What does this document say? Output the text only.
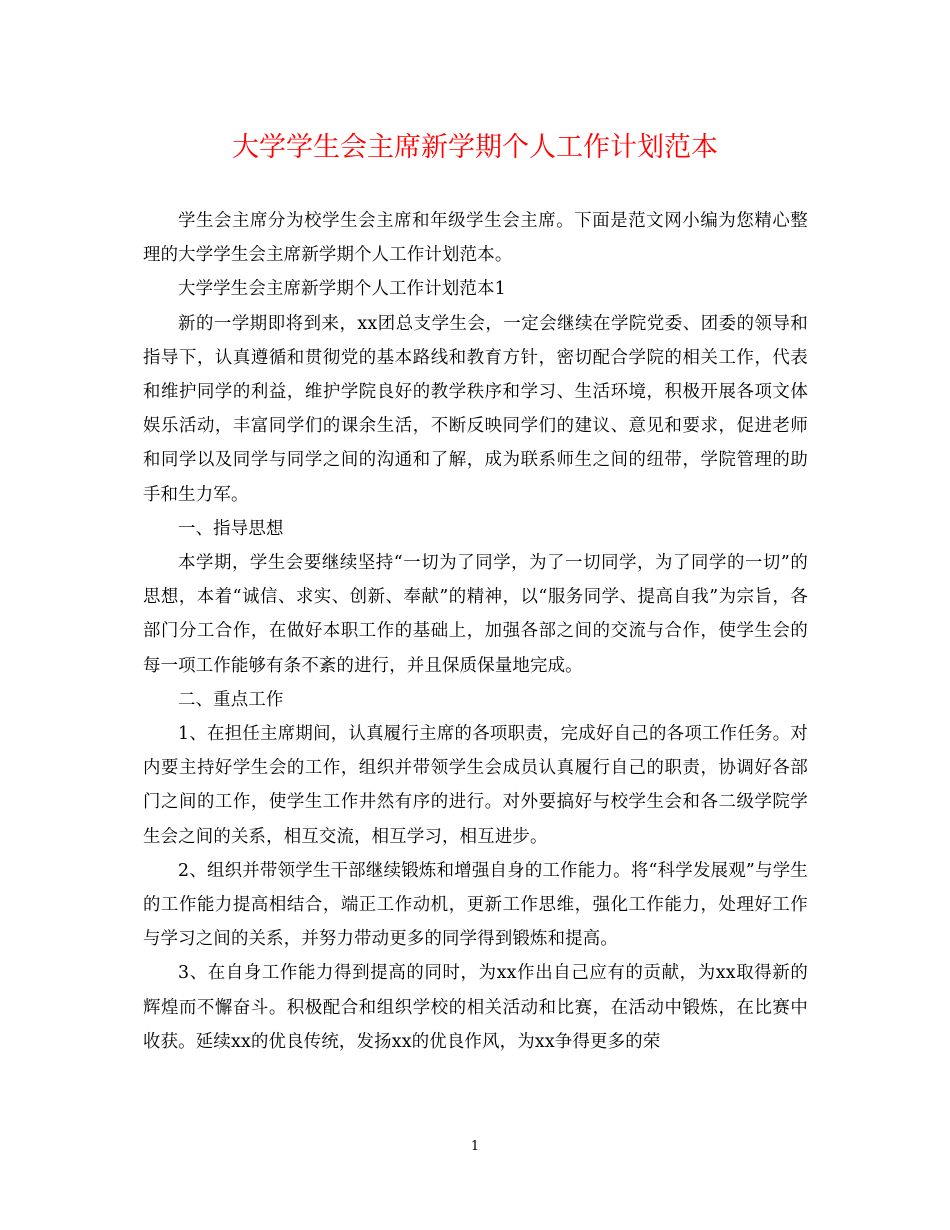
大学学生会主席新学期个人工作计划范本

学生会主席分为校学生会主席和年级学生会主席。下面是范文网小编为您精心整理的大学学生会主席新学期个人工作计划范本。

大学学生会主席新学期个人工作计划范本1

新的一学期即将到来，xx团总支学生会，一定会继续在学院党委、团委的领导和指导下，认真遵循和贯彻党的基本路线和教育方针，密切配合学院的相关工作，代表和维护同学的利益，维护学院良好的教学秩序和学习、生活环境，积极开展各项文体娱乐活动，丰富同学们的课余生活，不断反映同学们的建议、意见和要求，促进老师和同学以及同学与同学之间的沟通和了解，成为联系师生之间的纽带，学院管理的助手和生力军。

一、指导思想

本学期，学生会要继续坚持“一切为了同学，为了一切同学，为了同学的一切”的思想，本着“诚信、求实、创新、奉献”的精神，以“服务同学、提高自我”为宗旨，各部门分工合作，在做好本职工作的基础上，加强各部之间的交流与合作，使学生会的每一项工作能够有条不紊的进行，并且保质保量地完成。

二、重点工作

1、在担任主席期间，认真履行主席的各项职责，完成好自己的各项工作任务。对内要主持好学生会的工作，组织并带领学生会成员认真履行自己的职责，协调好各部门之间的工作，使学生工作井然有序的进行。对外要搞好与校学生会和各二级学院学生会之间的关系，相互交流，相互学习，相互进步。

2、组织并带领学生干部继续锻炼和增强自身的工作能力。将“科学发展观”与学生的工作能力提高相结合，端正工作动机，更新工作思维，强化工作能力，处理好工作与学习之间的关系，并努力带动更多的同学得到锻炼和提高。

3、在自身工作能力得到提高的同时，为xx作出自己应有的贡献，为xx取得新的辉煌而不懈奋斗。积极配合和组织学校的相关活动和比赛，在活动中锻炼，在比赛中收获。延续xx的优良传统，发扬xx的优良作风，为xx争得更多的荣

1
